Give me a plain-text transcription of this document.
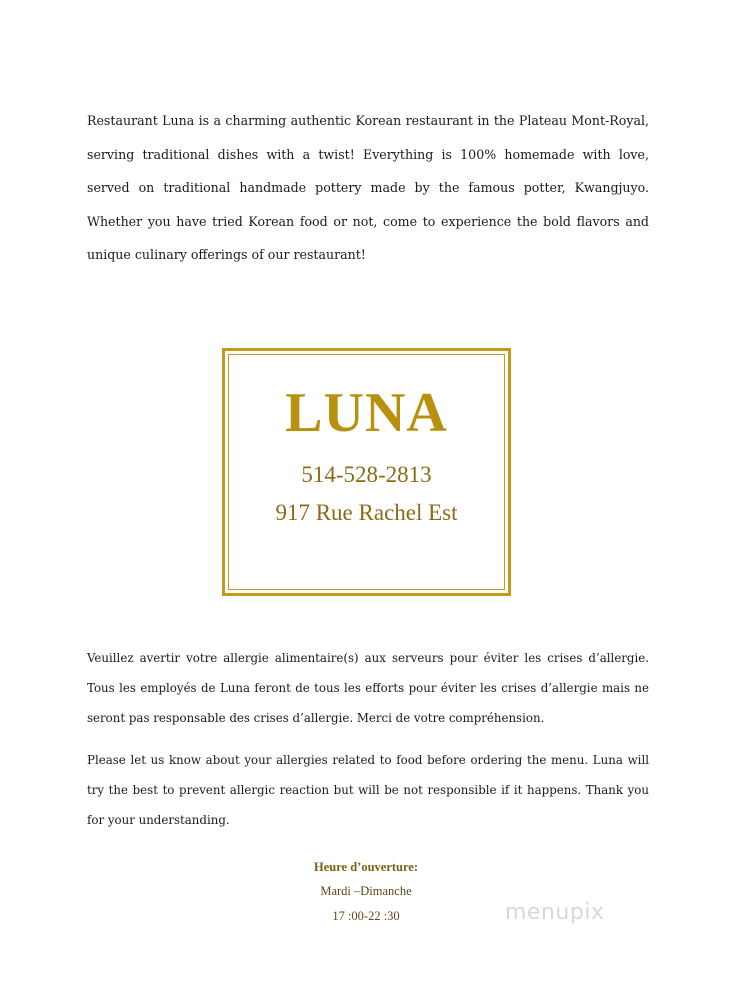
Restaurant Luna is a charming authentic Korean restaurant in the Plateau Mont-Royal, serving traditional dishes with a twist! Everything is 100% homemade with love, served on traditional handmade pottery made by the famous potter, Kwangjuyo. Whether you have tried Korean food or not, come to experience the bold flavors and unique culinary offerings of our restaurant!

LUNA
514-528-2813
917 Rue Rachel Est

Veuillez avertir votre allergie alimentaire(s) aux serveurs pour éviter les crises d’allergie. Tous les employés de Luna feront de tous les efforts pour éviter les crises d’allergie mais ne seront pas responsable des crises d’allergie. Merci de votre compréhension.

Please let us know about your allergies related to food before ordering the menu. Luna will try the best to prevent allergic reaction but will be not responsible if it happens. Thank you for your understanding.

Heure d’ouverture:
Mardi –Dimanche
17 :00-22 :30	menupix
